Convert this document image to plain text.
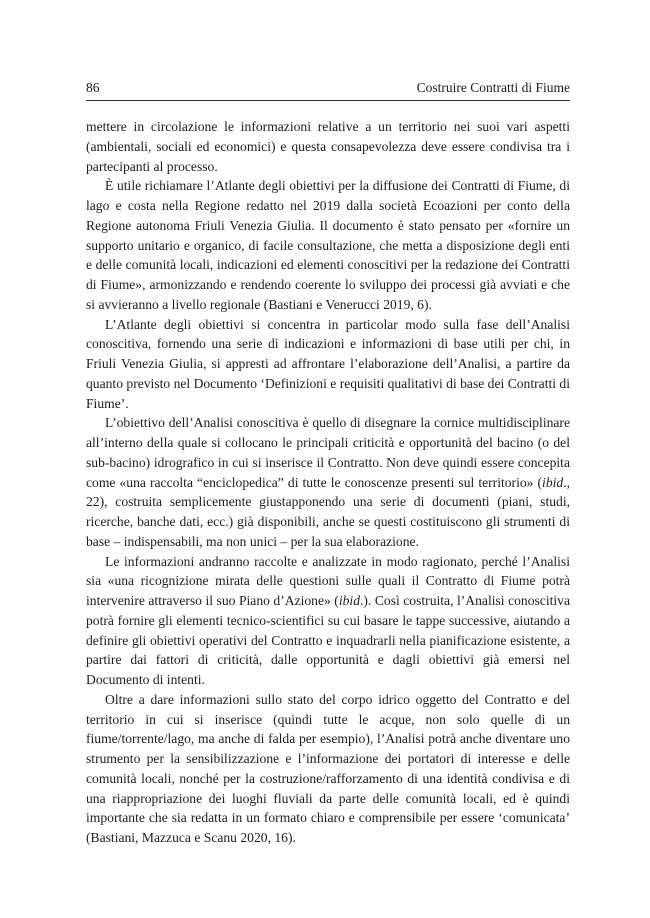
86	Costruire Contratti di Fiume

mettere in circolazione le informazioni relative a un territorio nei suoi vari aspetti (ambientali, sociali ed economici) e questa consapevolezza deve essere condivisa tra i partecipanti al processo.

È utile richiamare l’Atlante degli obiettivi per la diffusione dei Contratti di Fiume, di lago e costa nella Regione redatto nel 2019 dalla società Ecoazioni per conto della Regione autonoma Friuli Venezia Giulia. Il documento è stato pensato per «fornire un supporto unitario e organico, di facile consultazione, che metta a disposizione degli enti e delle comunità locali, indicazioni ed elementi conoscitivi per la redazione dei Contratti di Fiume», armonizzando e rendendo coerente lo sviluppo dei processi già avviati e che si avvieranno a livello regionale (Bastiani e Venerucci 2019, 6).

L’Atlante degli obiettivi si concentra in particolar modo sulla fase dell’Analisi conoscitiva, fornendo una serie di indicazioni e informazioni di base utili per chi, in Friuli Venezia Giulia, si appresti ad affrontare l’elaborazione dell’Analisi, a partire da quanto previsto nel Documento ‘Definizioni e requisiti qualitativi di base dei Contratti di Fiume’.

L’obiettivo dell’Analisi conoscitiva è quello di disegnare la cornice multidisciplinare all’interno della quale si collocano le principali criticità e opportunità del bacino (o del sub-bacino) idrografico in cui si inserisce il Contratto. Non deve quindi essere concepita come «una raccolta “enciclopedica” di tutte le conoscenze presenti sul territorio» (ibid., 22), costruita semplicemente giustapponendo una serie di documenti (piani, studi, ricerche, banche dati, ecc.) già disponibili, anche se questi costituiscono gli strumenti di base – indispensabili, ma non unici – per la sua elaborazione.

Le informazioni andranno raccolte e analizzate in modo ragionato, perché l’Analisi sia «una ricognizione mirata delle questioni sulle quali il Contratto di Fiume potrà intervenire attraverso il suo Piano d’Azione» (ibid.). Così costruita, l’Analisi conoscitiva potrà fornire gli elementi tecnico-scientifici su cui basare le tappe successive, aiutando a definire gli obiettivi operativi del Contratto e inquadrarli nella pianificazione esistente, a partire dai fattori di criticità, dalle opportunità e dagli obiettivi già emersi nel Documento di intenti.

Oltre a dare informazioni sullo stato del corpo idrico oggetto del Contratto e del territorio in cui si inserisce (quindi tutte le acque, non solo quelle di un fiume/torrente/lago, ma anche di falda per esempio), l’Analisi potrà anche diventare uno strumento per la sensibilizzazione e l’informazione dei portatori di interesse e delle comunità locali, nonché per la costruzione/rafforzamento di una identità condivisa e di una riappropriazione dei luoghi fluviali da parte delle comunità locali, ed è quindi importante che sia redatta in un formato chiaro e comprensibile per essere ‘comunicata’ (Bastiani, Mazzuca e Scanu 2020, 16).
